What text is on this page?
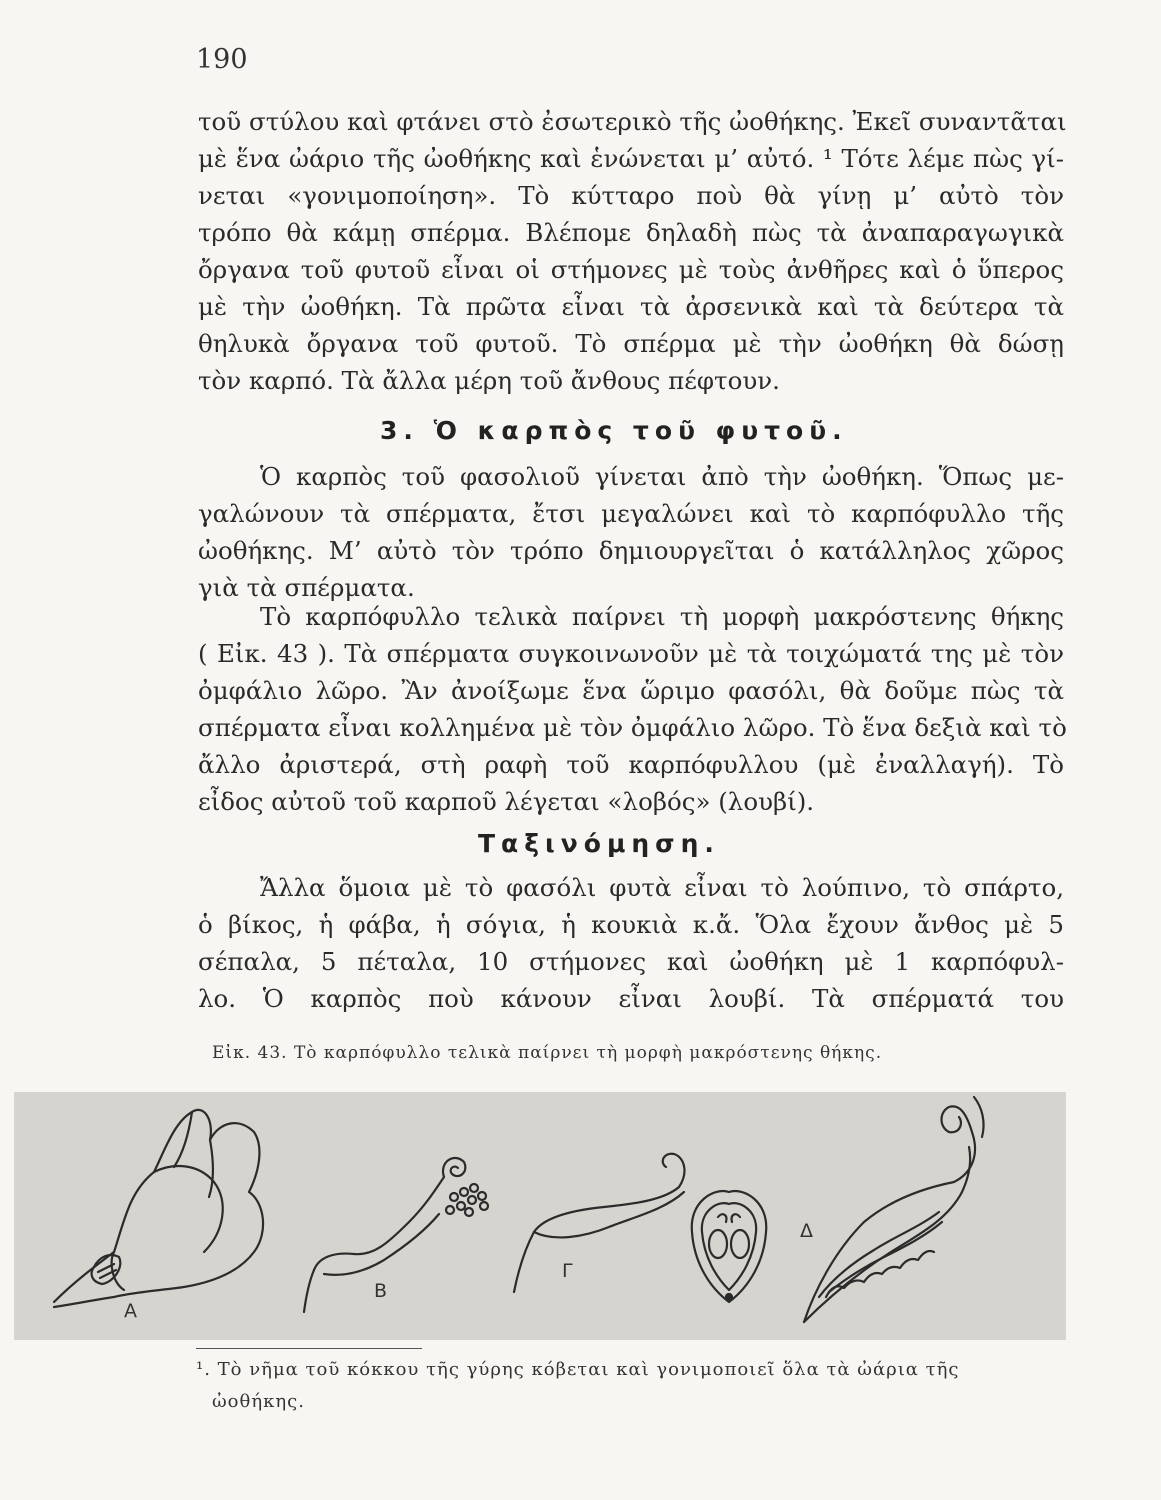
190
τοῦ στύλου καὶ φτάνει στὸ ἐσωτερικὸ τῆς ὠοθήκης. Ἐκεῖ συναντᾶται
μὲ ἕνα ὠάριο τῆς ὠοθήκης καὶ ἑνώνεται μ’ αὐτό. ¹ Τότε λέμε πὼς γί-
νεται «γονιμοποίηση». Τὸ κύτταρο ποὺ θὰ γίνῃ μ’ αὐτὸ τὸν
τρόπο θὰ κάμῃ σπέρμα. Βλέπομε δηλαδὴ πὼς τὰ ἀναπαραγωγικὰ
ὄργανα τοῦ φυτοῦ εἶναι οἱ στήμονες μὲ τοὺς ἀνθῆρες καὶ ὁ ὕπερος
μὲ τὴν ὠοθήκη. Τὰ πρῶτα εἶναι τὰ ἀρσενικὰ καὶ τὰ δεύτερα τὰ
θηλυκὰ ὄργανα τοῦ φυτοῦ. Τὸ σπέρμα μὲ τὴν ὠοθήκη θὰ δώσῃ
τὸν καρπό. Τὰ ἄλλα μέρη τοῦ ἄνθους πέφτουν.
3. Ὁ καρπὸς τοῦ φυτοῦ.
Ὁ καρπὸς τοῦ φασολιοῦ γίνεται ἀπὸ τὴν ὠοθήκη. Ὅπως με-
γαλώνουν τὰ σπέρματα, ἔτσι μεγαλώνει καὶ τὸ καρπόφυλλο τῆς
ὠοθήκης. Μ’ αὐτὸ τὸν τρόπο δημιουργεῖται ὁ κατάλληλος χῶρος
γιὰ τὰ σπέρματα.
Τὸ καρπόφυλλο τελικὰ παίρνει τὴ μορφὴ μακρόστενης θήκης
( Εἰκ. 43 ). Τὰ σπέρματα συγκοινωνοῦν μὲ τὰ τοιχώματά της μὲ τὸν
ὀμφάλιο λῶρο. Ἂν ἀνοίξωμε ἕνα ὥριμο φασόλι, θὰ δοῦμε πὼς τὰ
σπέρματα εἶναι κολλημένα μὲ τὸν ὀμφάλιο λῶρο. Τὸ ἕνα δεξιὰ καὶ τὸ
ἄλλο ἀριστερά, στὴ ραφὴ τοῦ καρπόφυλλου (μὲ ἐναλλαγή). Τὸ
εἶδος αὐτοῦ τοῦ καρποῦ λέγεται «λοβός» (λουβί).
Ταξινόμηση.
Ἄλλα ὅμοια μὲ τὸ φασόλι φυτὰ εἶναι τὸ λούπινο, τὸ σπάρτο,
ὁ βίκος, ἡ φάβα, ἡ σόγια, ἡ κουκιὰ κ.ἄ. Ὅλα ἔχουν ἄνθος μὲ 5
σέπαλα, 5 πέταλα, 10 στήμονες καὶ ὠοθήκη μὲ 1 καρπόφυλ-
λο. Ὁ καρπὸς ποὺ κάνουν εἶναι λουβί. Τὰ σπέρματά του
Εἰκ. 43. Τὸ καρπόφυλλο τελικὰ παίρνει τὴ μορφὴ μακρόστενης θήκης.
Α
Β
Γ
Δ
¹. Τὸ νῆμα τοῦ κόκκου τῆς γύρης κόβεται καὶ γονιμοποιεῖ ὅλα τὰ ὠάρια τῆς
ὠοθήκης.
